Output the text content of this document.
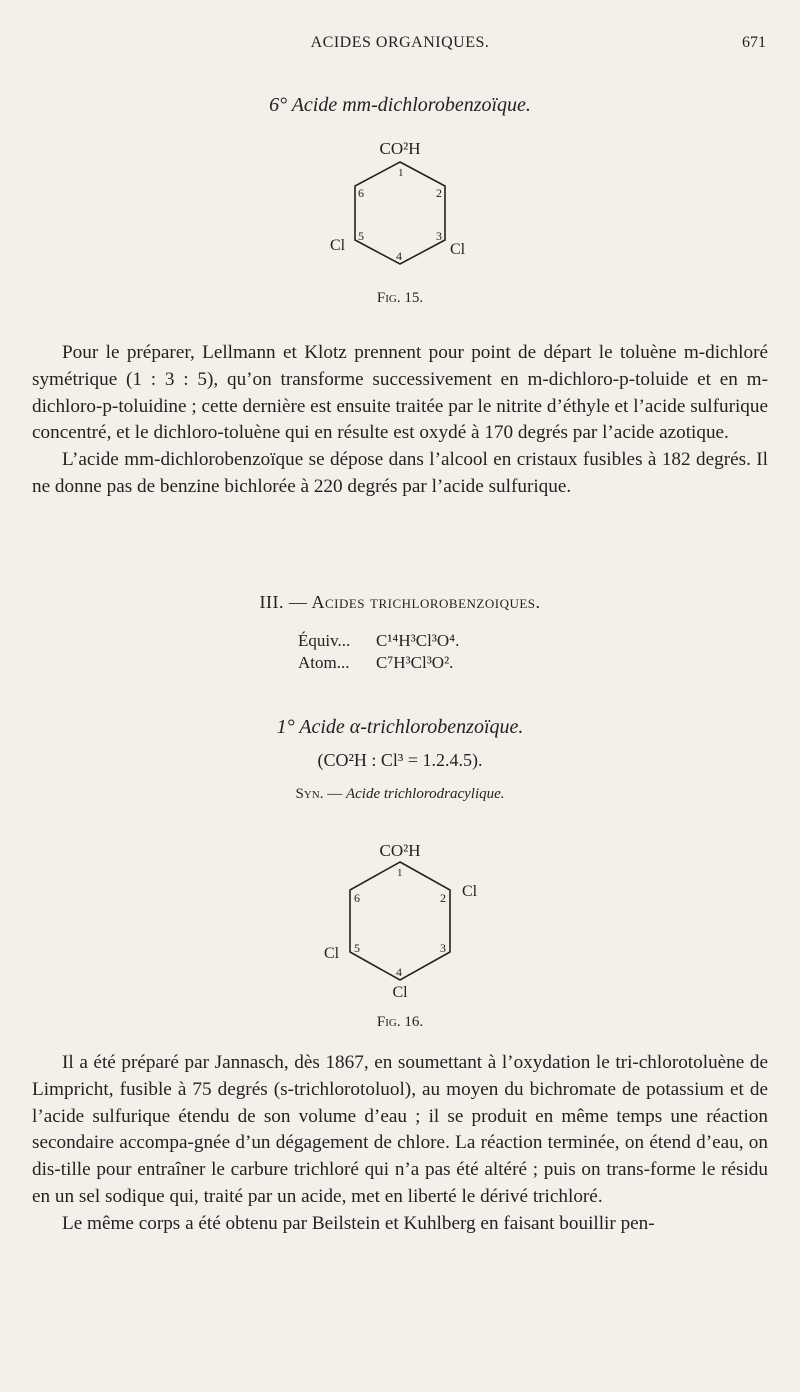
ACIDES ORGANIQUES.	671
6° Acide mm-dichlorobenzoïque.
CO²H
Cl	Cl
1
2
3
4
5
6
Fig. 15.

Pour le préparer, Lellmann et Klotz prennent pour point de départ le toluène m-dichloré symétrique (1 : 3 : 5), qu’on transforme successivement en m-dichloro-p-toluide et en m-dichloro-p-toluidine ; cette dernière est ensuite traitée par le nitrite d’éthyle et l’acide sulfurique concentré, et le dichloro-toluène qui en résulte est oxydé à 170 degrés par l’acide azotique.

L’acide mm-dichlorobenzoïque se dépose dans l’alcool en cristaux fusibles à 182 degrés. Il ne donne pas de benzine bichlorée à 220 degrés par l’acide sulfurique.

III. — Acides trichlorobenzoiques.
Équiv... C¹⁴H³Cl³O⁴.
Atom... C⁷H³Cl³O².
1° Acide α-trichlorobenzoïque.
(CO²H : Cl³ = 1.2.4.5).
Syn. — Acide trichlorodracylique.
CO²H
Cl
Cl
Cl
1
2
3
4
5
6
Fig. 16.

Il a été préparé par Jannasch, dès 1867, en soumettant à l’oxydation le tri-chlorotoluène de Limpricht, fusible à 75 degrés (s-trichlorotoluol), au moyen du bichromate de potassium et de l’acide sulfurique étendu de son volume d’eau ; il se produit en même temps une réaction secondaire accompa-gnée d’un dégagement de chlore. La réaction terminée, on étend d’eau, on dis-tille pour entraîner le carbure trichloré qui n’a pas été altéré ; puis on trans-forme le résidu en un sel sodique qui, traité par un acide, met en liberté le dérivé trichloré.

Le même corps a été obtenu par Beilstein et Kuhlberg en faisant bouillir pen-
